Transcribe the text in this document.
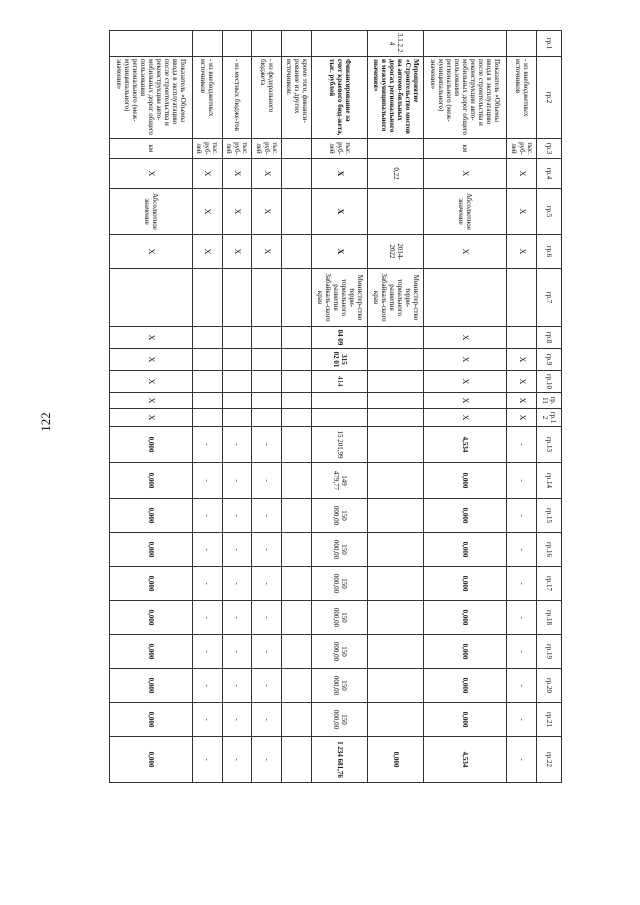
122
гр.1	гр.2	гр.3	гр.4	гр.5	гр.6	гр.7	гр.8	гр.9	гр.10	гр.11	гр.12	гр.13	гр.14	гр.15	гр.16	гр.17	гр.18	гр.19	гр.20	гр.21	гр.22
	- из внебюджетных источников	тыс. руб-лей	X	X	X			X	X	X	X	-	-	-	-	-	-	-	-	-	-
	Показатель «Объемы ввода в эксплуатацию после строительства и реконструкции авто-мобильных дорог общего пользования регионального (меж-муниципального) значения»	км	X	Абсолютное значение	X		X	X	X	X	X	4,534	0,000	0,000	0,000	0,000	0,000	0,000	0,000	0,000	4,534
3.1.2.2.4	Мероприятие «Строительство мостов на автомо-бильных дорогах регионального и межмуниципального значения»		0,22		2014-2022	Министер-ство терри-ториального развития Забайкаль-ского края															0,000
	Финансирование за счет краевого бюд-жета, тыс. рублей	тыс. руб-лей	X	X	X	Министер-ство терри-ториального развития Забайкаль-ского края	04 09	315 02 01	414			15 201,99	149 479,77	150 000,00	150 000,00	150 000,00	150 000,00	150 000,00	150 000,00	150 000,00	1 234 681,76
	кроме того, финанси-рование из других источников:																				
	- из федерального бюджета	тыс. руб-лей	X	X	X							-	-	-	-	-	-	-	-	-	-
	- из местных бюдже-тов	тыс. руб-лей	X	X	X							-	-	-	-	-	-	-	-	-	-
	- из внебюджетных источников	тыс. руб-лей	X	X	X							-	-	-	-	-	-	-	-	-	-
	Показатель «Объемы ввода в эксплуатацию после строительства и реконструкции авто-мобильных дорог общего пользования регионального (меж-муниципального) значения»	км	X	Абсолютное значение	X		X	X	X	X	X	0,000	0,000	0,000	0,000	0,000	0,000	0,000	0,000	0,000	0,000
